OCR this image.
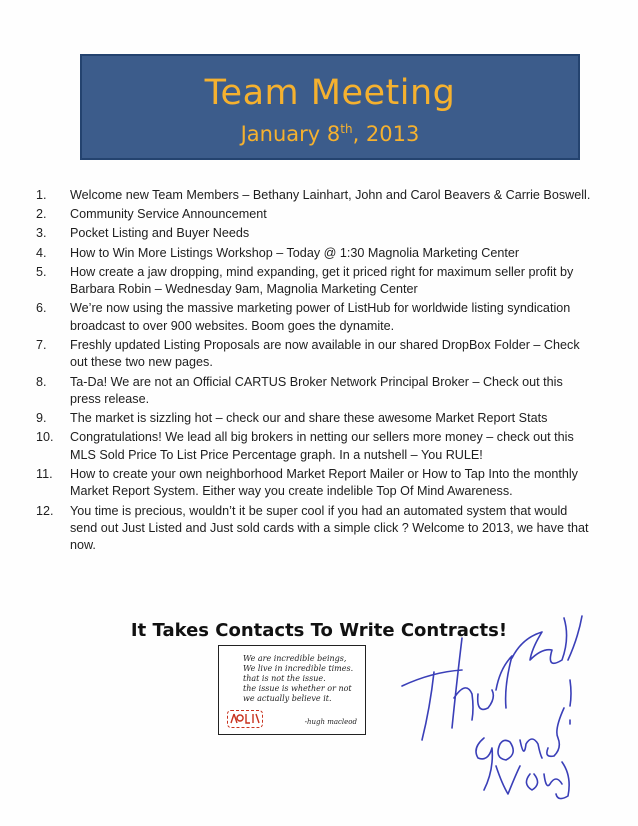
Team Meeting
January 8th, 2013
1.	Welcome new Team Members – Bethany Lainhart, John and Carol Beavers & Carrie Boswell.
2.	Community Service Announcement
3.	Pocket Listing and Buyer Needs
4.	How to Win More Listings Workshop – Today @ 1:30 Magnolia Marketing Center
5.	How create a jaw dropping, mind expanding, get it priced right for maximum seller profit by Barbara Robin – Wednesday 9am, Magnolia Marketing Center
6.	We’re now using the massive marketing power of ListHub for worldwide listing syndication broadcast to over 900 websites. Boom goes the dynamite.
7.	Freshly updated Listing Proposals are now available in our shared DropBox Folder – Check out these two new pages.
8.	Ta-Da! We are not an Official CARTUS Broker Network Principal Broker – Check out this press release.
9.	The market is sizzling hot – check our and share these awesome Market Report Stats
10.	Congratulations! We lead all big brokers in netting our sellers more money – check out this MLS Sold Price To List Price Percentage graph. In a nutshell – You RULE!
11.	How to create your own neighborhood Market Report Mailer or How to Tap Into the monthly Market Report System. Either way you create indelible Top Of Mind Awareness.
12.	You time is precious, wouldn’t it be super cool if you had an automated system that would send out Just Listed and Just sold cards with a simple click ? Welcome to 2013, we have that now.
It Takes Contacts To Write Contracts!
We are incredible beings,
We live in incredible times.
that is not the issue.
the issue is whether or not
we actually believe it.
-hugh macleod
